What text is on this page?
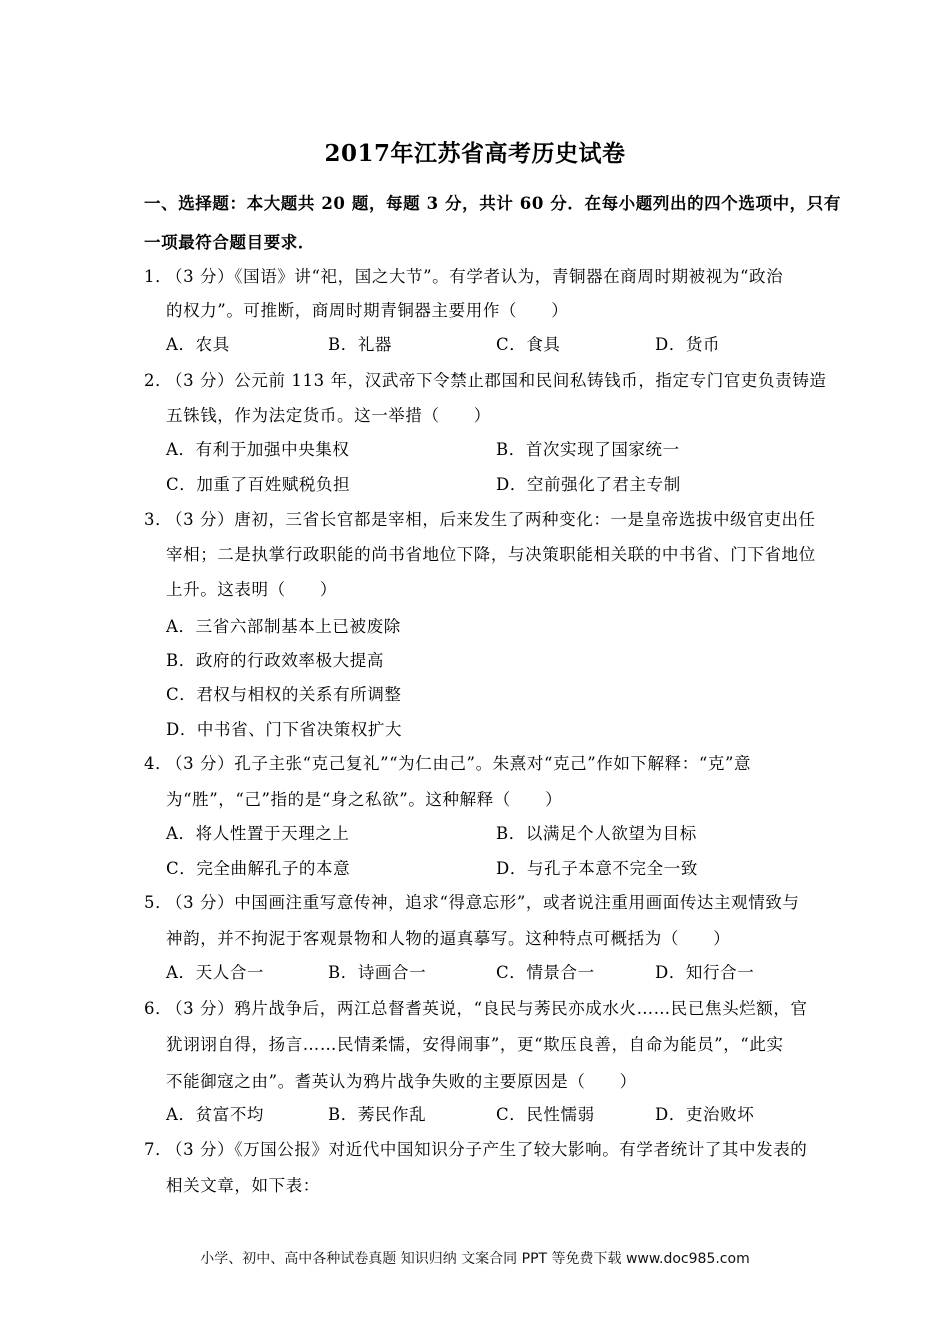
2017年江苏省高考历史试卷
一、选择题：本大题共 20 题，每题 3 分，共计 60 分．在每小题列出的四个选项中，只有
一项最符合题目要求．
1．
（3 分）《国语》讲“祀，国之大节”。有学者认为，青铜器在商周时期被视为“政治
的权力”。可推断，商周时期青铜器主要用作（　　）
A．农具	B．礼器	C．食具	D．货币
2．
（3 分）公元前 113 年，汉武帝下令禁止郡国和民间私铸钱币，指定专门官吏负责铸造
五铢钱，作为法定货币。这一举措（　　）
A．有利于加强中央集权	B．首次实现了国家统一
C．加重了百姓赋税负担	D．空前强化了君主专制
3．
（3 分）唐初，三省长官都是宰相，后来发生了两种变化：一是皇帝选拔中级官吏出任
宰相；二是执掌行政职能的尚书省地位下降，与决策职能相关联的中书省、门下省地位
上升。这表明（　　）
A．三省六部制基本上已被废除
B．政府的行政效率极大提高
C．君权与相权的关系有所调整
D．中书省、门下省决策权扩大
4．
（3 分）孔子主张“克己复礼”“为仁由己”。朱熹对“克己”作如下解释：“克”意
为“胜”，“己”指的是“身之私欲”。这种解释（　　）
A．将人性置于天理之上	B．以满足个人欲望为目标
C．完全曲解孔子的本意	D．与孔子本意不完全一致
5．
（3 分）中国画注重写意传神，追求“得意忘形”，或者说注重用画面传达主观情致与
神韵，并不拘泥于客观景物和人物的逼真摹写。这种特点可概括为（　　）
A．天人合一	B．诗画合一	C．情景合一	D．知行合一
6．
（3 分）鸦片战争后，两江总督耆英说，“良民与莠民亦成水火……民已焦头烂额，官
犹诩诩自得，扬言……民情柔懦，安得闹事”，更“欺压良善，自命为能员”，“此实
不能御寇之由”。耆英认为鸦片战争失败的主要原因是（　　）
A．贫富不均	B．莠民作乱	C．民性懦弱	D．吏治败坏
7．
（3 分）《万国公报》对近代中国知识分子产生了较大影响。有学者统计了其中发表的
相关文章，如下表：
小学、初中、高中各种试卷真题 知识归纳 文案合同 PPT 等免费下载 www.doc985.com
